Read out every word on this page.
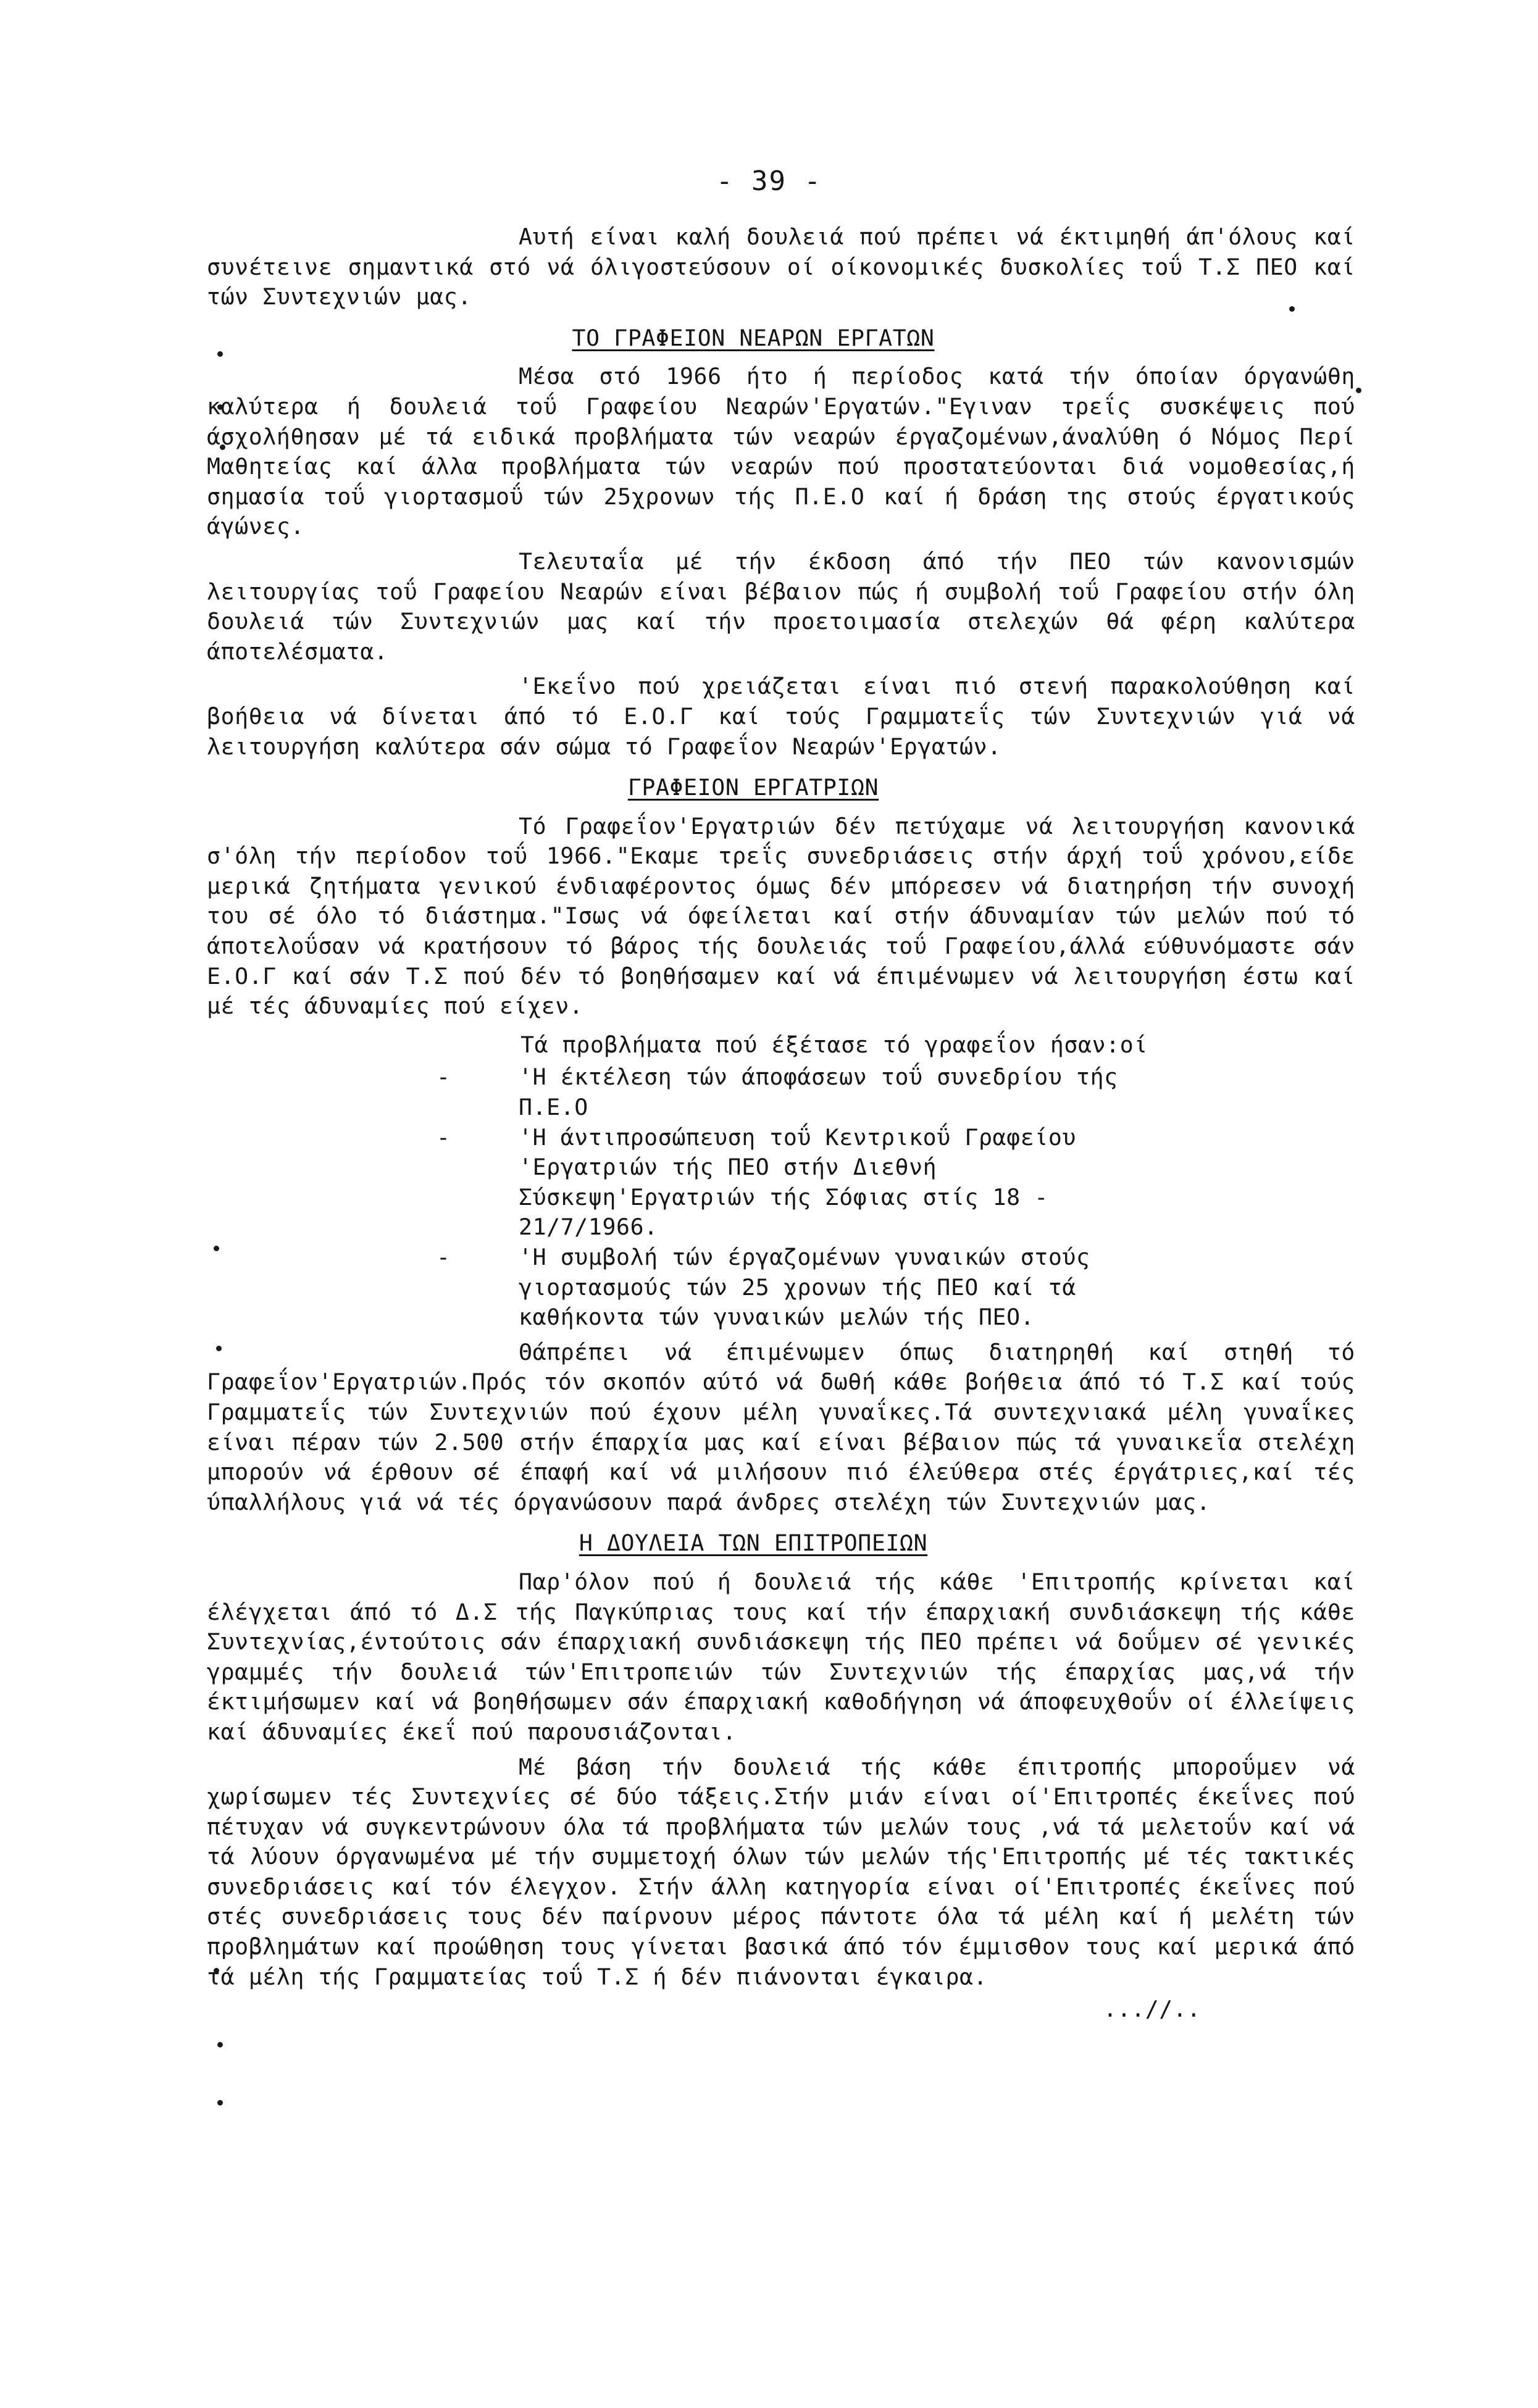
- 39 -

Αυτή είναι καλή δουλειά πού πρέπει νά έκτιμηθή άπ'όλους καί συνέτεινε σημαντικά στό νά όλιγοστεύσουν οί οίκονομικές δυσκολίες τοΰ Τ.Σ ΠΕΟ καί τών Συντεχνιών μας.

ΤΟ ΓΡΑΦΕΙΟΝ ΝΕΑΡΩΝ ΕΡΓΑΤΩΝ

Μέσα στό 1966 ήτο ή περίοδος κατά τήν όποίαν όργανώθη καλύτερα ή δουλειά τοΰ Γραφείου Νεαρών'Εργατών."Εγιναν τρεΐς συσκέψεις πού άσχολήθησαν μέ τά ειδικά προβλήματα τών νεαρών έργαζομένων,άναλύθη ό Νόμος Περί Μαθητείας καί άλλα προβλήματα τών νεαρών πού προστατεύονται διά νομοθεσίας,ή σημασία τοΰ γιορτασμοΰ τών 25χρονων τής Π.Ε.Ο καί ή δράση της στούς έργατικούς άγώνες.

Τελευταΐα μέ τήν έκδοση άπό τήν ΠΕΟ τών κανονισμών λειτουργίας τοΰ Γραφείου Νεαρών είναι βέβαιον πώς ή συμβολή τοΰ Γραφείου στήν όλη δουλειά τών Συντεχνιών μας καί τήν προετοιμασία στελεχών θά φέρη καλύτερα άποτελέσματα.

'Εκεΐνο πού χρειάζεται είναι πιό στενή παρακολούθηση καί βοήθεια νά δίνεται άπό τό Ε.Ο.Γ καί τούς Γραμματεΐς τών Συντεχνιών γιά νά λειτουργήση καλύτερα σάν σώμα τό Γραφεΐον Νεαρών'Εργατών.

ΓΡΑΦΕΙΟΝ ΕΡΓΑΤΡΙΩΝ

Τό Γραφεΐον'Εργατριών δέν πετύχαμε νά λειτουργήση κανονικά σ'όλη τήν περίοδον τοΰ 1966."Εκαμε τρεΐς συνεδριάσεις στήν άρχή τοΰ χρόνου,είδε μερικά ζητήματα γενικού ένδιαφέροντος όμως δέν μπόρεσεν νά διατηρήση τήν συνοχή του σέ όλο τό διάστημα."Ισως νά όφείλεται καί στήν άδυναμίαν τών μελών πού τό άποτελοΰσαν νά κρατήσουν τό βάρος τής δουλειάς τοΰ Γραφείου,άλλά εύθυνόμαστε σάν Ε.Ο.Γ καί σάν Τ.Σ πού δέν τό βοηθήσαμεν καί νά έπιμένωμεν νά λειτουργήση έστω καί μέ τές άδυναμίες πού είχεν.

Τά προβλήματα πού έξέτασε τό γραφεΐον ήσαν:οί
-	'Η έκτέλεση τών άποφάσεων τοΰ συνεδρίου τής Π.Ε.Ο
-	'Η άντιπροσώπευση τοΰ Κεντρικοΰ Γραφείου 'Εργατριών τής ΠΕΟ στήν Διεθνή Σύσκεψη'Εργατριών τής Σόφιας στίς 18 - 21/7/1966.
-	'Η συμβολή τών έργαζομένων γυναικών στούς γιορτασμούς τών 25 χρονων τής ΠΕΟ καί τά καθήκοντα τών γυναικών μελών τής ΠΕΟ.

Θάπρέπει νά έπιμένωμεν όπως διατηρηθή καί στηθή τό Γραφεΐον'Εργατριών.Πρός τόν σκοπόν αύτό νά δωθή κάθε βοήθεια άπό τό Τ.Σ καί τούς Γραμματεΐς τών Συντεχνιών πού έχουν μέλη γυναΐκες.Τά συντεχνιακά μέλη γυναΐκες είναι πέραν τών 2.500 στήν έπαρχία μας καί είναι βέβαιον πώς τά γυναικεΐα στελέχη μπορούν νά έρθουν σέ έπαφή καί νά μιλήσουν πιό έλεύθερα στές έργάτριες,καί τές ύπαλλήλους γιά νά τές όργανώσουν παρά άνδρες στελέχη τών Συντεχνιών μας.

Η ΔΟΥΛΕΙΑ ΤΩΝ ΕΠΙΤΡΟΠΕΙΩΝ

Παρ'όλον πού ή δουλειά τής κάθε 'Επιτροπής κρίνεται καί έλέγχεται άπό τό Δ.Σ τής Παγκύπριας τους καί τήν έπαρχιακή συνδιάσκεψη τής κάθε Συντεχνίας,έντούτοις σάν έπαρχιακή συνδιάσκεψη τής ΠΕΟ πρέπει νά δοΰμεν σέ γενικές γραμμές τήν δουλειά τών'Επιτροπειών τών Συντεχνιών τής έπαρχίας μας,νά τήν έκτιμήσωμεν καί νά βοηθήσωμεν σάν έπαρχιακή καθοδήγηση νά άποφευχθοΰν οί έλλείψεις καί άδυναμίες έκεΐ πού παρουσιάζονται.

Μέ βάση τήν δουλειά τής κάθε έπιτροπής μποροΰμεν νά χωρίσωμεν τές Συντεχνίες σέ δύο τάξεις.Στήν μιάν είναι οί'Επιτροπές έκεΐνες πού πέτυχαν νά συγκεντρώνουν όλα τά προβλήματα τών μελών τους ,νά τά μελετοΰν καί νά τά λύουν όργανωμένα μέ τήν συμμετοχή όλων τών μελών τής'Επιτροπής μέ τές τακτικές συνεδριάσεις καί τόν έλεγχον. Στήν άλλη κατηγορία είναι οί'Επιτροπές έκεΐνες πού στές συνεδριάσεις τους δέν παίρνουν μέρος πάντοτε όλα τά μέλη καί ή μελέτη τών προβλημάτων καί προώθηση τους γίνεται βασικά άπό τόν έμμισθον τους καί μερικά άπό τά μέλη τής Γραμματείας τοΰ Τ.Σ ή δέν πιάνονται έγκαιρα.

...//..
